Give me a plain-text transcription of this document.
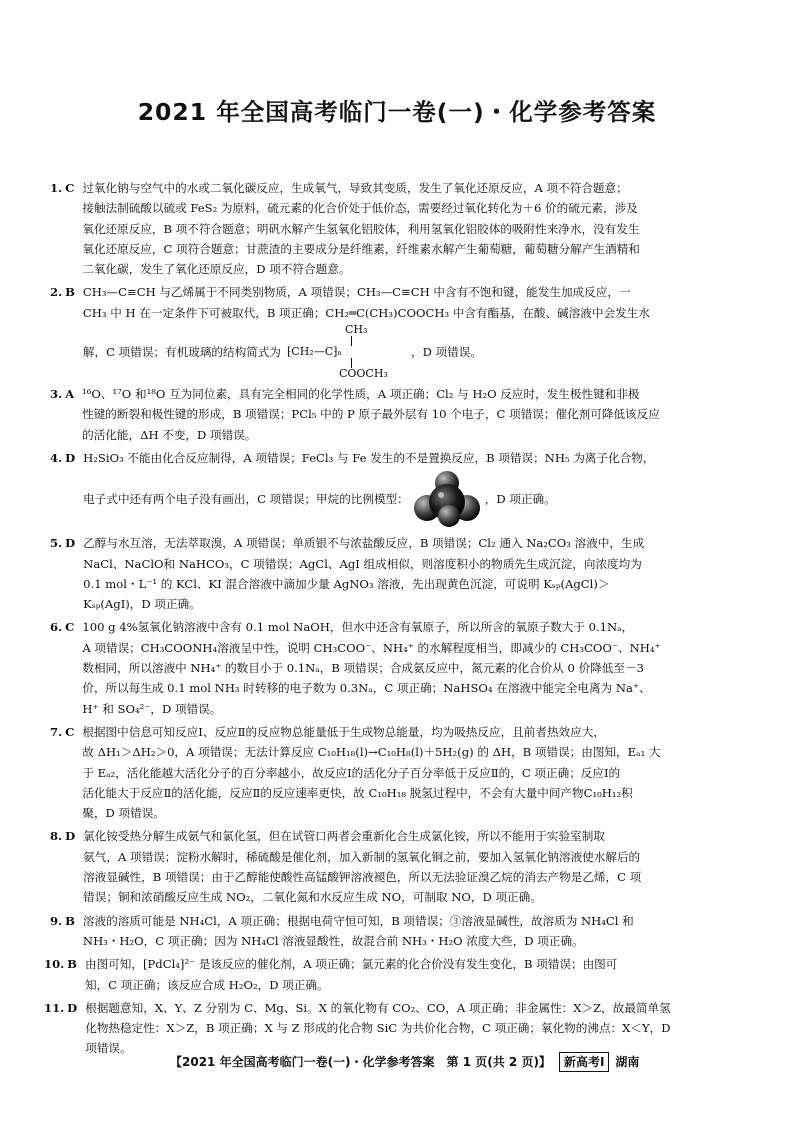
2021 年全国高考临门一卷(一)・化学参考答案
1. C 过氧化钠与空气中的水或二氧化碳反应，生成氧气，导致其变质，发生了氧化还原反应，A 项不符合题意；
接触法制硫酸以硫或 FeS₂ 为原料，硫元素的化合价处于低价态，需要经过氧化转化为＋6 价的硫元素，涉及
氧化还原反应，B 项不符合题意；明矾水解产生氢氧化铝胶体，利用氢氧化铝胶体的吸附性来净水，没有发生
氧化还原反应，C 项符合题意；甘蔗渣的主要成分是纤维素，纤维素水解产生葡萄糖，葡萄糖分解产生酒精和
二氧化碳，发生了氧化还原反应，D 项不符合题意。
2. B CH₃—C≡CH 与乙烯属于不同类别物质，A 项错误；CH₃—C≡CH 中含有不饱和键，能发生加成反应，一
CH₃ 中 H 在一定条件下可被取代，B 项正确；CH₂═C(CH₃)COOCH₃ 中含有酯基，在酸、碱溶液中会发生水
解，C 项错误；有机玻璃的结构简式为
CH₃
⁅CH₂—C⁆ₙ
COOCH₃
，D 项错误。
3. A ¹⁶O、¹⁷O 和¹⁸O 互为同位素，具有完全相同的化学性质，A 项正确；Cl₂ 与 H₂O 反应时，发生极性键和非极
性键的断裂和极性键的形成，B 项错误；PCl₅ 中的 P 原子最外层有 10 个电子，C 项错误；催化剂可降低该反应
的活化能，ΔH 不变，D 项错误。
4. D H₂SiO₃ 不能由化合反应制得，A 项错误；FeCl₃ 与 Fe 发生的不是置换反应，B 项错误；NH₅ 为离子化合物，
电子式中还有两个电子没有画出，C 项错误；甲烷的比例模型：	，D 项正确。
5. D 乙醇与水互溶，无法萃取溴，A 项错误；单质银不与浓盐酸反应，B 项错误；Cl₂ 通入 Na₂CO₃ 溶液中，生成
NaCl、NaClO和 NaHCO₃，C 项错误；AgCl、AgI 组成相似，则溶度积小的物质先生成沉淀，向浓度均为
0.1 mol・L⁻¹ 的 KCl、KI 混合溶液中滴加少量 AgNO₃ 溶液，先出现黄色沉淀，可说明 Kₛₚ(AgCl)＞
Kₛₚ(AgI)，D 项正确。
6. C 100 g 4%氢氧化钠溶液中含有 0.1 mol NaOH，但水中还含有氧原子，所以所含的氧原子数大于 0.1Nₐ，
A 项错误；CH₃COONH₄溶液呈中性，说明 CH₃COO⁻、NH₄⁺ 的水解程度相当，即减少的 CH₃COO⁻、NH₄⁺
数相同，所以溶液中 NH₄⁺ 的数目小于 0.1Nₐ，B 项错误；合成氨反应中，氮元素的化合价从 0 价降低至－3
价，所以每生成 0.1 mol NH₃ 时转移的电子数为 0.3Nₐ，C 项正确；NaHSO₄ 在溶液中能完全电离为 Na⁺、
H⁺ 和 SO₄²⁻，D 项错误。
7. C 根据图中信息可知反应Ⅰ、反应Ⅱ的反应物总能量低于生成物总能量，均为吸热反应，且前者热效应大，
故 ΔH₁＞ΔH₂＞0，A 项错误；无法计算反应 C₁₀H₁₈(l)→C₁₀H₈(l)＋5H₂(g) 的 ΔH，B 项错误；由图知，Eₐ₁ 大
于 Eₐ₂，活化能越大活化分子的百分率越小，故反应Ⅰ的活化分子百分率低于反应Ⅱ的，C 项正确；反应Ⅰ的
活化能大于反应Ⅱ的活化能，反应Ⅱ的反应速率更快，故 C₁₀H₁₈ 脱氢过程中，不会有大量中间产物C₁₀H₁₂积
聚，D 项错误。
8. D 氯化铵受热分解生成氨气和氯化氢，但在试管口两者会重新化合生成氯化铵，所以不能用于实验室制取
氨气，A 项错误；淀粉水解时，稀硫酸是催化剂，加入新制的氢氧化铜之前，要加入氢氧化钠溶液使水解后的
溶液显碱性，B 项错误；由于乙醇能使酸性高锰酸钾溶液褪色，所以无法验证溴乙烷的消去产物是乙烯，C 项
错误；铜和浓硝酸反应生成 NO₂，二氧化氮和水反应生成 NO，可制取 NO，D 项正确。
9. B 溶液的溶质可能是 NH₄Cl，A 项正确；根据电荷守恒可知，B 项错误；③溶液显碱性，故溶质为 NH₄Cl 和
NH₃・H₂O，C 项正确；因为 NH₄Cl 溶液显酸性，故混合前 NH₃・H₂O 浓度大些，D 项正确。
10. B 由图可知，[PdCl₄]²⁻ 是该反应的催化剂，A 项正确；氯元素的化合价没有发生变化，B 项错误；由图可
知，C 项正确；该反应合成 H₂O₂，D 项正确。
11. D 根据题意知，X、Y、Z 分别为 C、Mg、Si。X 的氧化物有 CO₂、CO，A 项正确；非金属性：X＞Z，故最简单氢
化物热稳定性：X＞Z，B 项正确；X 与 Z 形成的化合物 SiC 为共价化合物，C 项正确；氧化物的沸点：X＜Y，D
项错误。
【2021 年全国高考临门一卷(一)・化学参考答案　第 1 页(共 2 页)】 新高考Ⅰ 湖南
